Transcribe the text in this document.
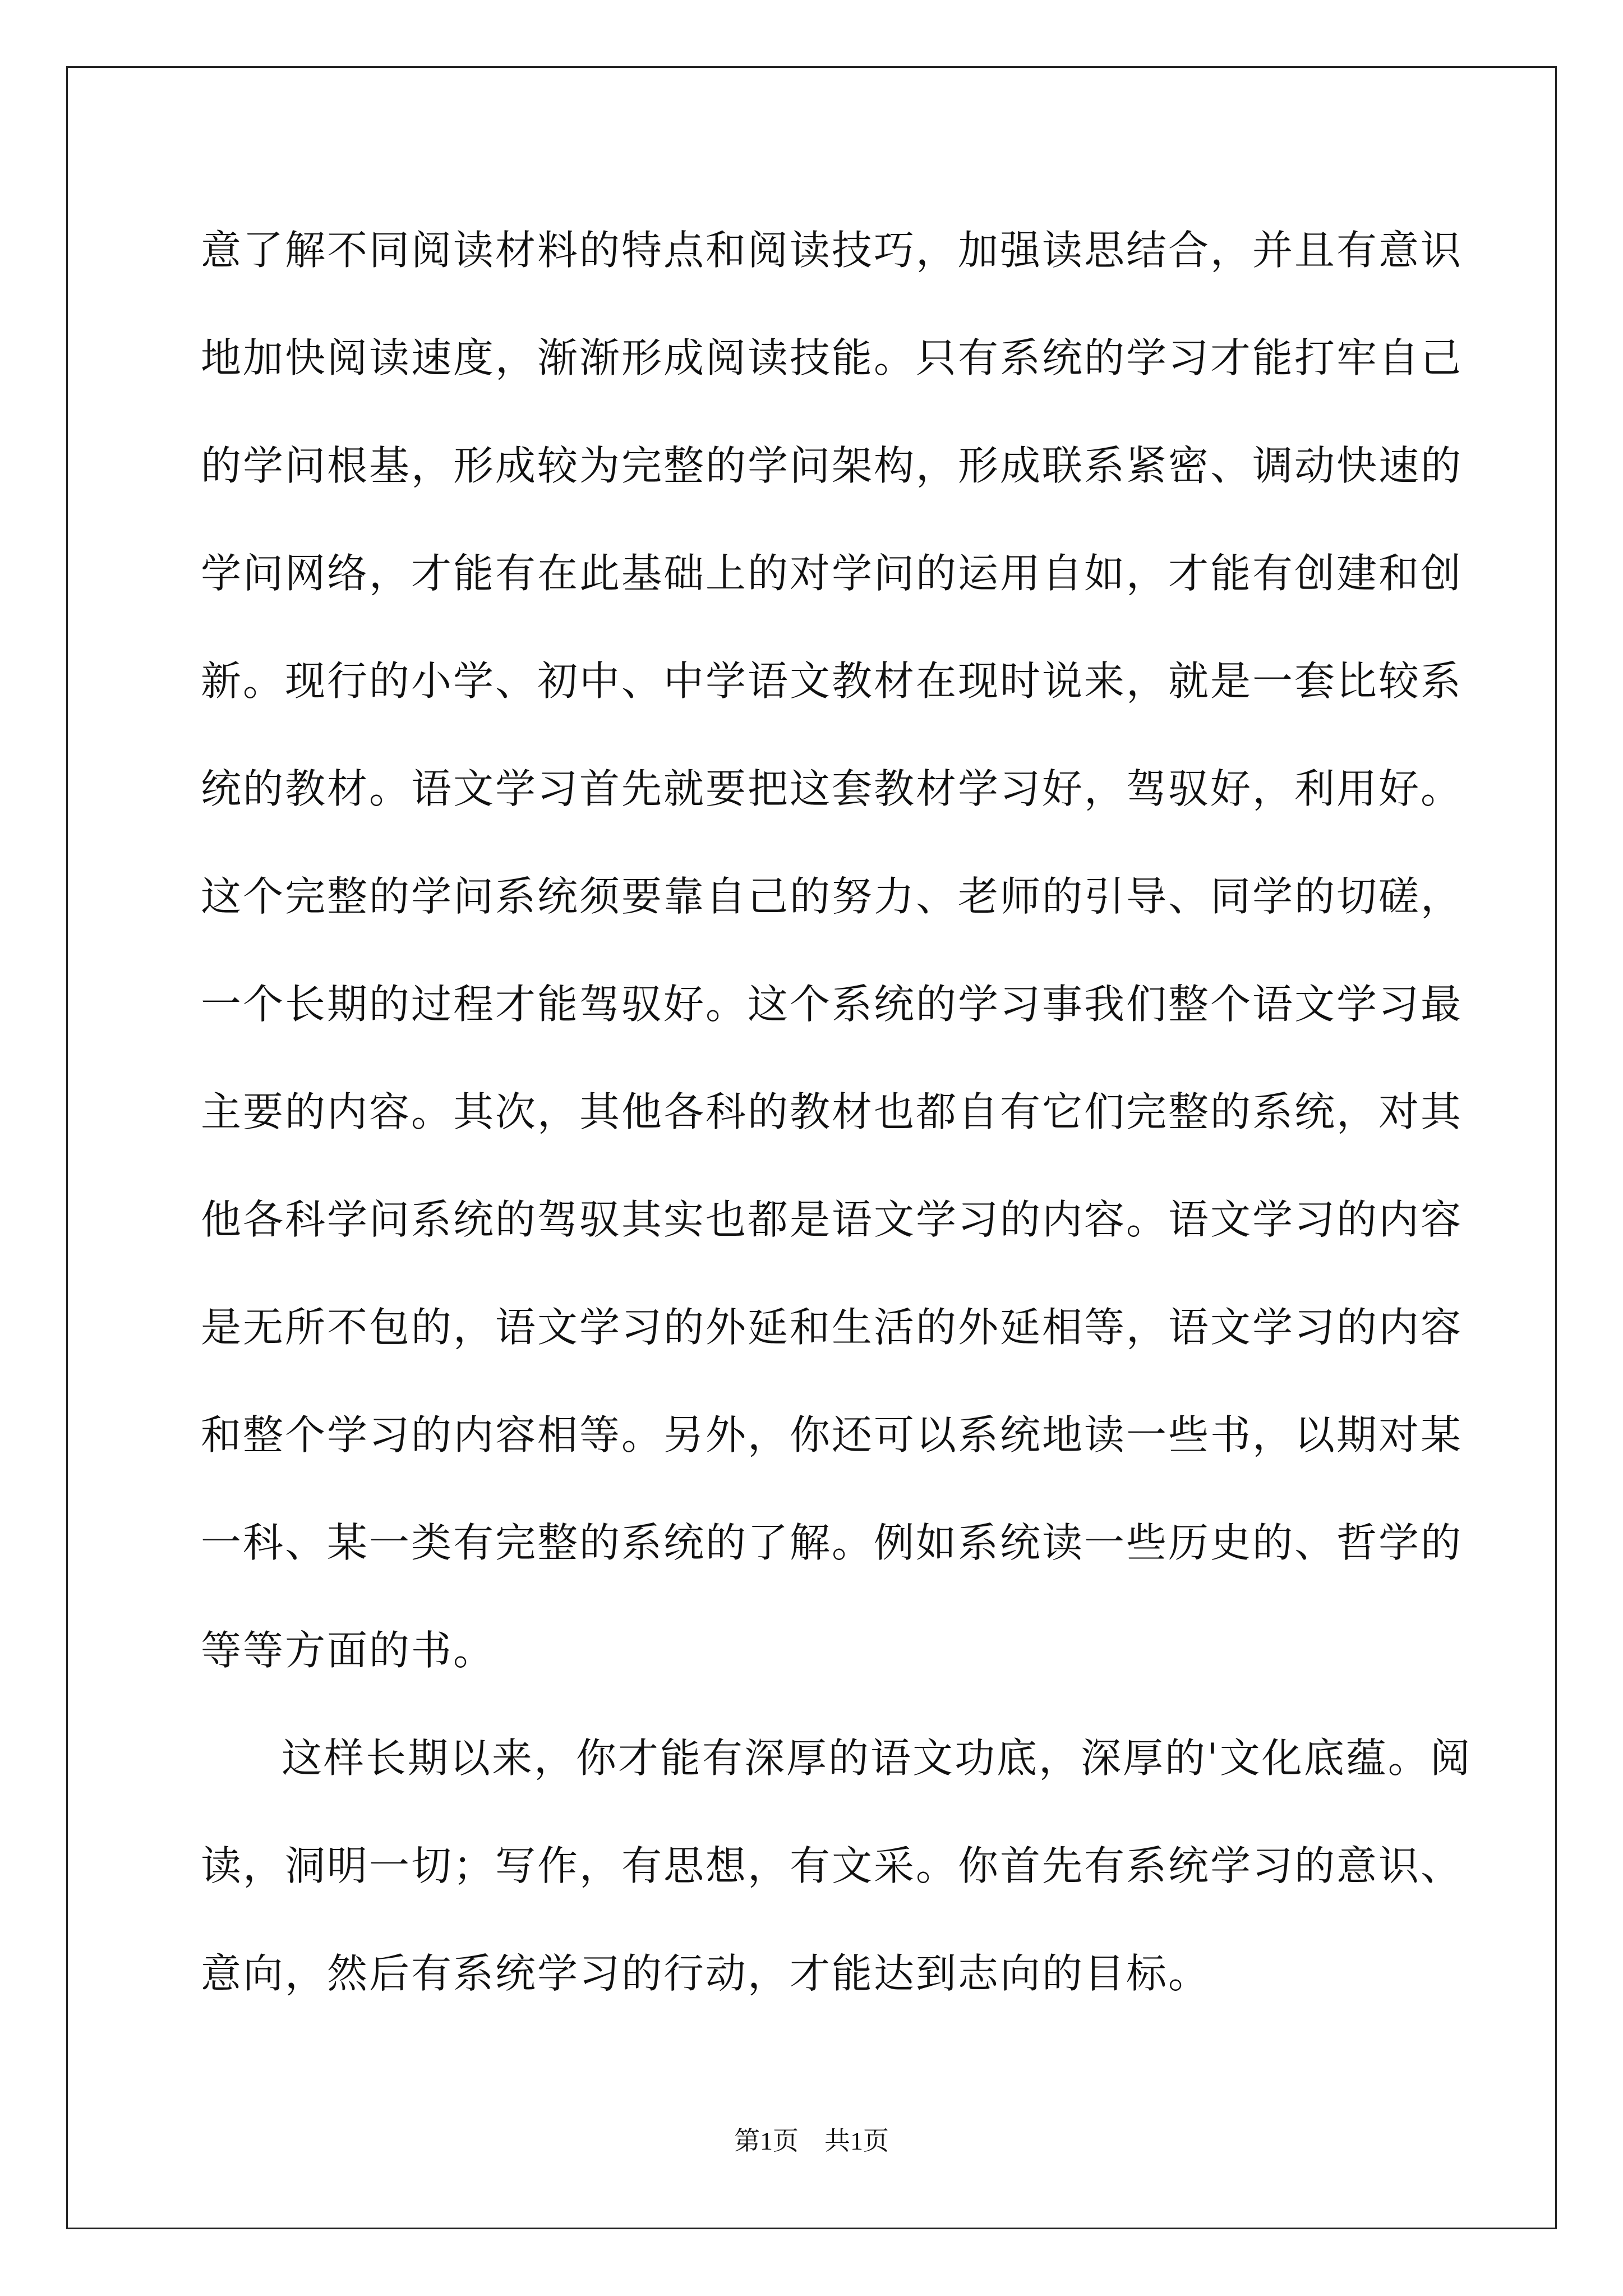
意了解不同阅读材料的特点和阅读技巧，加强读思结合，并且有意识
地加快阅读速度，渐渐形成阅读技能。只有系统的学习才能打牢自己
的学问根基，形成较为完整的学问架构，形成联系紧密、调动快速的
学问网络，才能有在此基础上的对学问的运用自如，才能有创建和创
新。现行的小学、初中、中学语文教材在现时说来，就是一套比较系
统的教材。语文学习首先就要把这套教材学习好，驾驭好，利用好。
这个完整的学问系统须要靠自己的努力、老师的引导、同学的切磋，
一个长期的过程才能驾驭好。这个系统的学习事我们整个语文学习最
主要的内容。其次，其他各科的教材也都自有它们完整的系统，对其
他各科学问系统的驾驭其实也都是语文学习的内容。语文学习的内容
是无所不包的，语文学习的外延和生活的外延相等，语文学习的内容
和整个学习的内容相等。另外，你还可以系统地读一些书，以期对某
一科、某一类有完整的系统的了解。例如系统读一些历史的、哲学的
等等方面的书。
这样长期以来，你才能有深厚的语文功底，深厚的'文化底蕴。阅
读，洞明一切；写作，有思想，有文采。你首先有系统学习的意识、
意向，然后有系统学习的行动，才能达到志向的目标。
第1页　共1页
